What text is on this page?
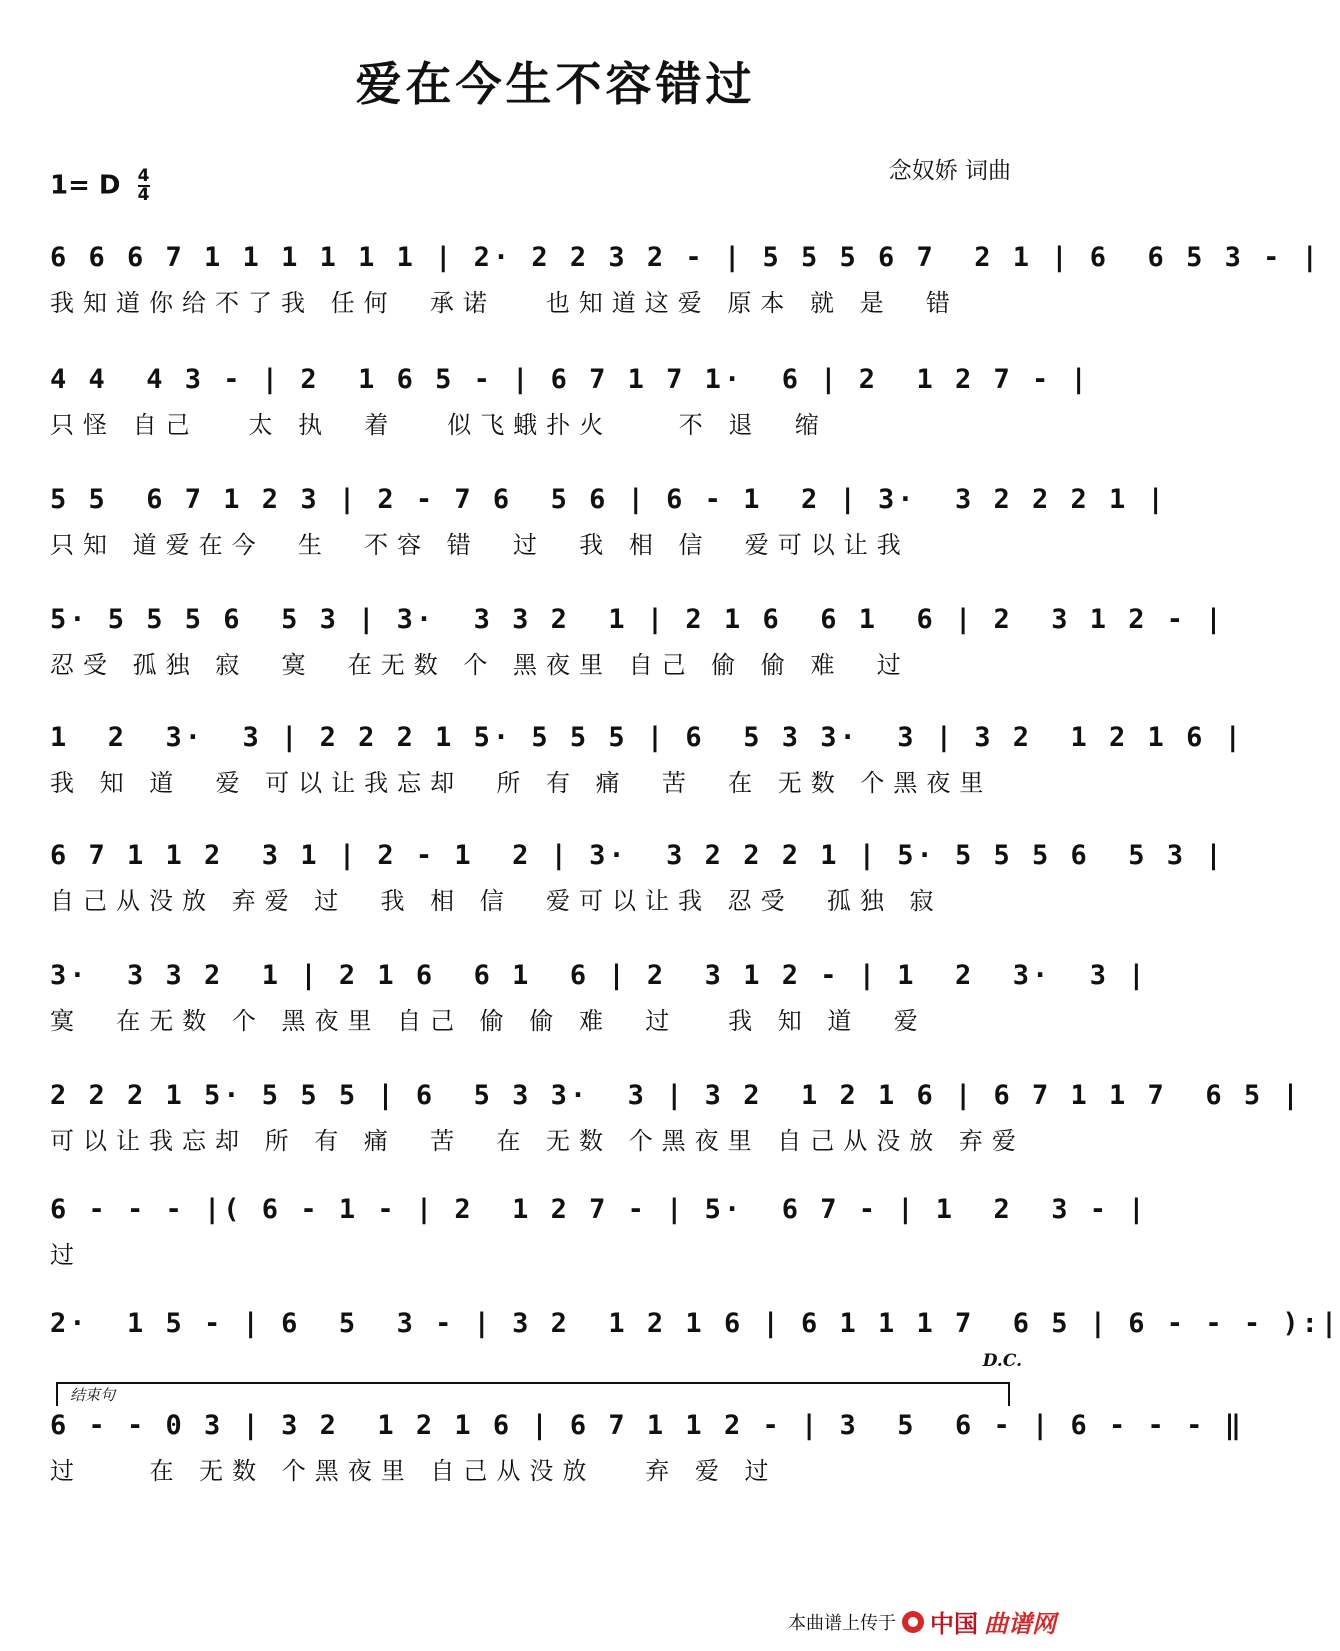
爱在今生不容错过
1= D $\frac{4}{4}$	念奴娇 词曲
6 6 6 7 1 1 1 1 1 1 | 2· 2 2 3 2 - | 5 5 5 6 7  2 1 | 6  6 5 3 - |
我知道你给不了我 任何  承诺   也知道这爱 原本 就 是  错
4 4  4 3 - | 2  1 6 5 - | 6 7 1 7 1·  6 | 2  1 2 7 - |
只怪 自己   太 执  着   似飞蛾扑火    不 退  缩
5 5  6 7 1 2 3 | 2 - 7 6  5 6 | 6 - 1  2 | 3·  3 2 2 2 1 |
只知 道爱在今  生  不容 错  过  我 相 信  爱可以让我
5· 5 5 5 6  5 3 | 3·  3 3 2  1 | 2 1 6  6 1  6 | 2  3 1 2 - |
忍受 孤独 寂  寞  在无数 个 黑夜里 自己 偷 偷 难  过
1  2  3·  3 | 2 2 2 1 5· 5 5 5 | 6  5 3 3·  3 | 3 2  1 2 1 6 |
我 知 道  爱 可以让我忘却  所 有 痛  苦  在 无数 个黑夜里
6 7 1 1 2  3 1 | 2 - 1  2 | 3·  3 2 2 2 1 | 5· 5 5 5 6  5 3 |
自己从没放 弃爱 过  我 相 信  爱可以让我 忍受  孤独 寂
3·  3 3 2  1 | 2 1 6  6 1  6 | 2  3 1 2 - | 1  2  3·  3 |
寞  在无数 个 黑夜里 自己 偷 偷 难  过   我 知 道  爱
2 2 2 1 5· 5 5 5 | 6  5 3 3·  3 | 3 2  1 2 1 6 | 6 7 1 1 7  6 5 |
可以让我忘却 所 有 痛  苦  在 无数 个黑夜里 自己从没放 弃爱
6 - - - |( 6 - 1 - | 2  1 2 7 - | 5·  6 7 - | 1  2  3 - |
过
2·  1 5 - | 6  5  3 - | 3 2  1 2 1 6 | 6 1 1 1 7  6 5 | 6 - - - ):|
D.C.
结束句
6 - - 0 3 | 3 2  1 2 1 6 | 6 7 1 1 2 - | 3  5  6 - | 6 - - - ‖
过    在 无数 个黑夜里 自己从没放   弃 爱 过
本曲谱上传于 中国 曲谱网
